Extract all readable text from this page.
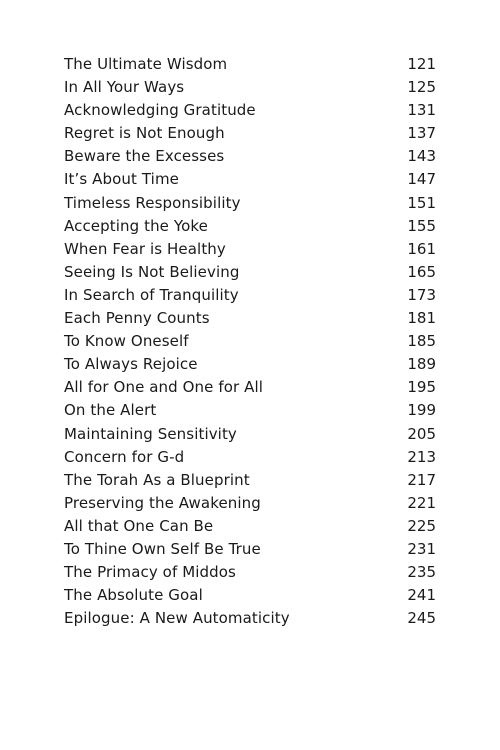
The Ultimate Wisdom	121
In All Your Ways	125
Acknowledging Gratitude	131
Regret is Not Enough	137
Beware the Excesses	143
It’s About Time	147
Timeless Responsibility	151
Accepting the Yoke	155
When Fear is Healthy	161
Seeing Is Not Believing	165
In Search of Tranquility	173
Each Penny Counts	181
To Know Oneself	185
To Always Rejoice	189
All for One and One for All	195
On the Alert	199
Maintaining Sensitivity	205
Concern for G-d	213
The Torah As a Blueprint	217
Preserving the Awakening	221
All that One Can Be	225
To Thine Own Self Be True	231
The Primacy of Middos	235
The Absolute Goal	241
Epilogue: A New Automaticity	245
